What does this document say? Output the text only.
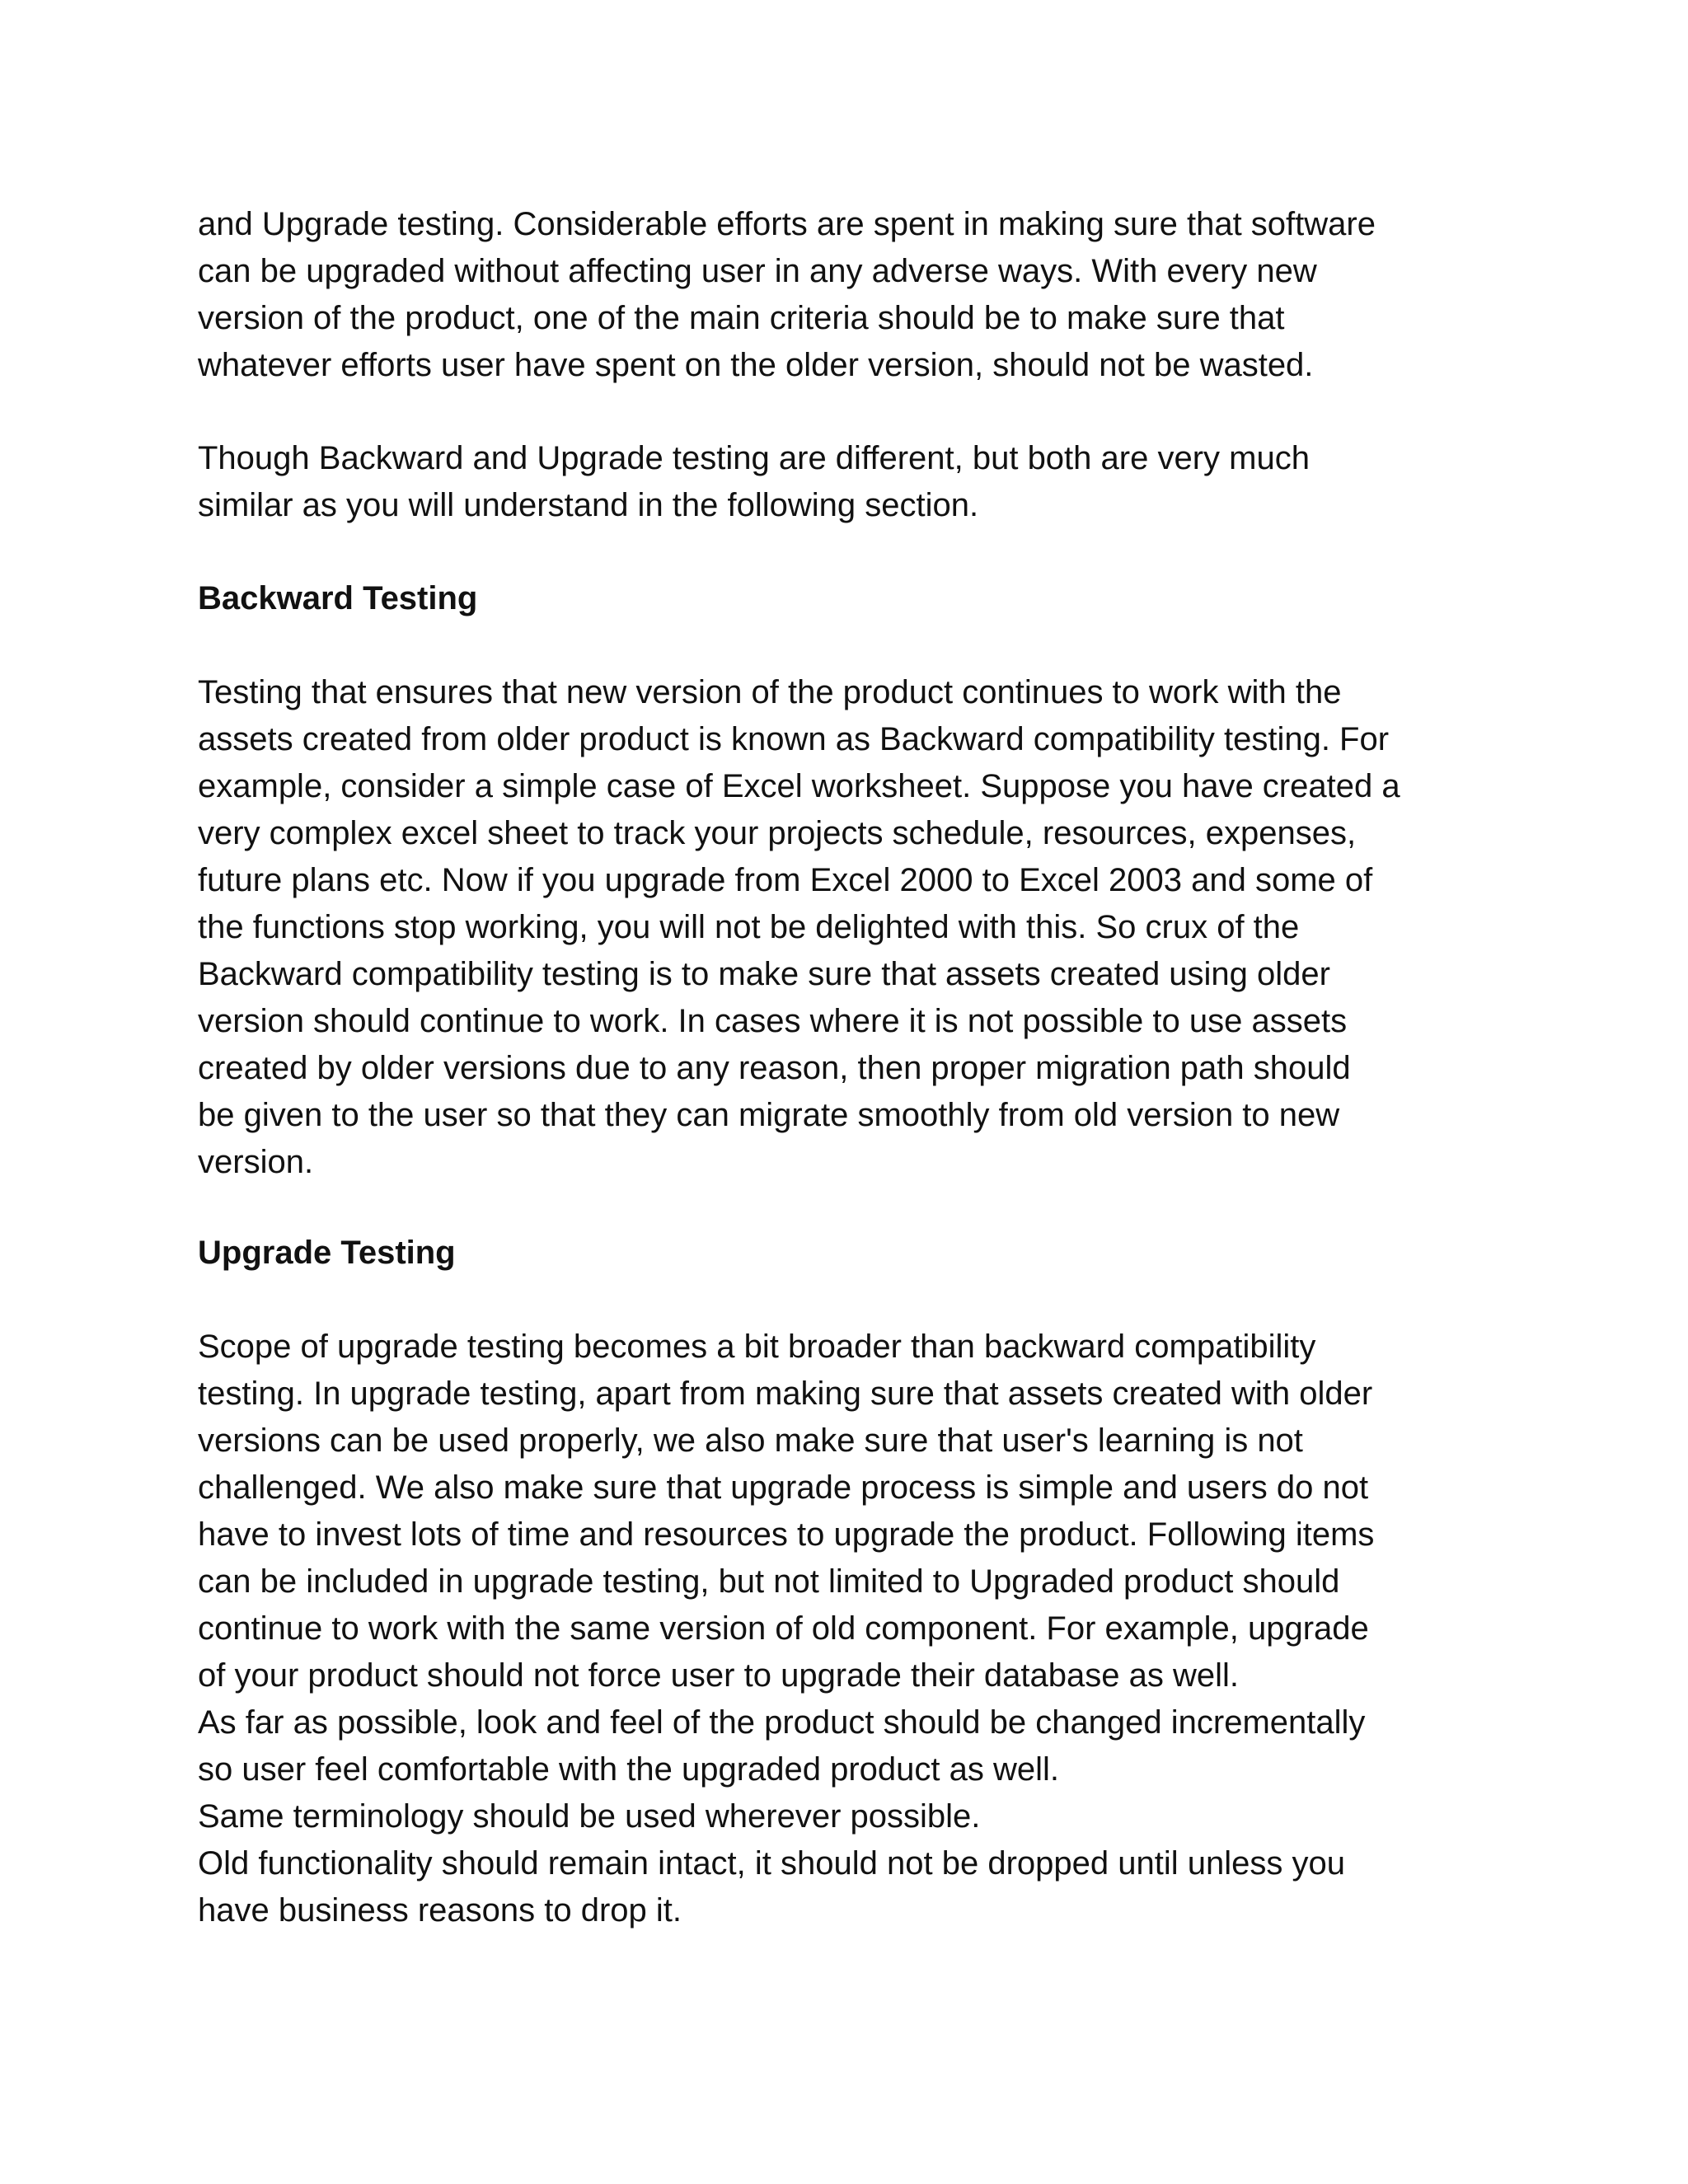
and Upgrade testing. Considerable efforts are spent in making sure that software
can be upgraded without affecting user in any adverse ways. With every new
version of the product, one of the main criteria should be to make sure that
whatever efforts user have spent on the older version, should not be wasted.
Though Backward and Upgrade testing are different, but both are very much
similar as you will understand in the following section.
Backward Testing
Testing that ensures that new version of the product continues to work with the
assets created from older product is known as Backward compatibility testing. For
example, consider a simple case of Excel worksheet. Suppose you have created a
very complex excel sheet to track your projects schedule, resources, expenses,
future plans etc. Now if you upgrade from Excel 2000 to Excel 2003 and some of
the functions stop working, you will not be delighted with this. So crux of the
Backward compatibility testing is to make sure that assets created using older
version should continue to work. In cases where it is not possible to use assets
created by older versions due to any reason, then proper migration path should
be given to the user so that they can migrate smoothly from old version to new
version.
Upgrade Testing
Scope of upgrade testing becomes a bit broader than backward compatibility
testing. In upgrade testing, apart from making sure that assets created with older
versions can be used properly, we also make sure that user's learning is not
challenged. We also make sure that upgrade process is simple and users do not
have to invest lots of time and resources to upgrade the product. Following items
can be included in upgrade testing, but not limited to Upgraded product should
continue to work with the same version of old component. For example, upgrade
of your product should not force user to upgrade their database as well.
As far as possible, look and feel of the product should be changed incrementally
so user feel comfortable with the upgraded product as well.
Same terminology should be used wherever possible.
Old functionality should remain intact, it should not be dropped until unless you
have business reasons to drop it.
